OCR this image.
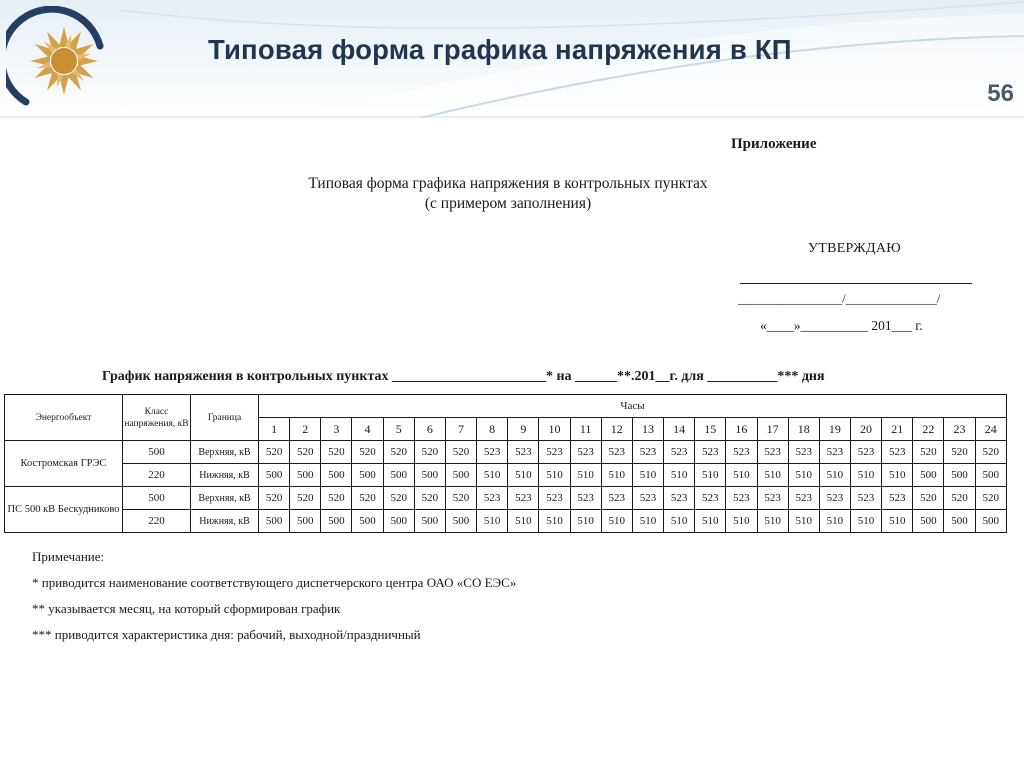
Типовая форма графика напряжения в КП
56
Приложение
Типовая форма графика напряжения в контрольных пунктах
(с примером заполнения)
УТВЕРЖДАЮ
________________/______________/
«____»__________ 201___ г.
График напряжения в контрольных пунктах ______________________* на ______**.201__г. для __________*** дня
Энергообъект	Класс напряжения, кВ	Граница	Часы																							
			1	2	3	4	5	6	7	8	9	10	11	12	13	14	15	16	17	18	19	20	21	22	23	24
Костромская ГРЭС	500	Верхняя, кВ	520	520	520	520	520	520	520	523	523	523	523	523	523	523	523	523	523	523	523	523	523	520	520	520
	220	Нижняя, кВ	500	500	500	500	500	500	500	510	510	510	510	510	510	510	510	510	510	510	510	510	510	500	500	500
ПС 500 кВ Бескудниково	500	Верхняя, кВ	520	520	520	520	520	520	520	523	523	523	523	523	523	523	523	523	523	523	523	523	523	520	520	520
	220	Нижняя, кВ	500	500	500	500	500	500	500	510	510	510	510	510	510	510	510	510	510	510	510	510	510	500	500	500
Примечание:
* приводится наименование соответствующего диспетчерского центра ОАО «СО ЕЭС»
** указывается месяц, на который сформирован график
*** приводится характеристика дня: рабочий, выходной/праздничный
